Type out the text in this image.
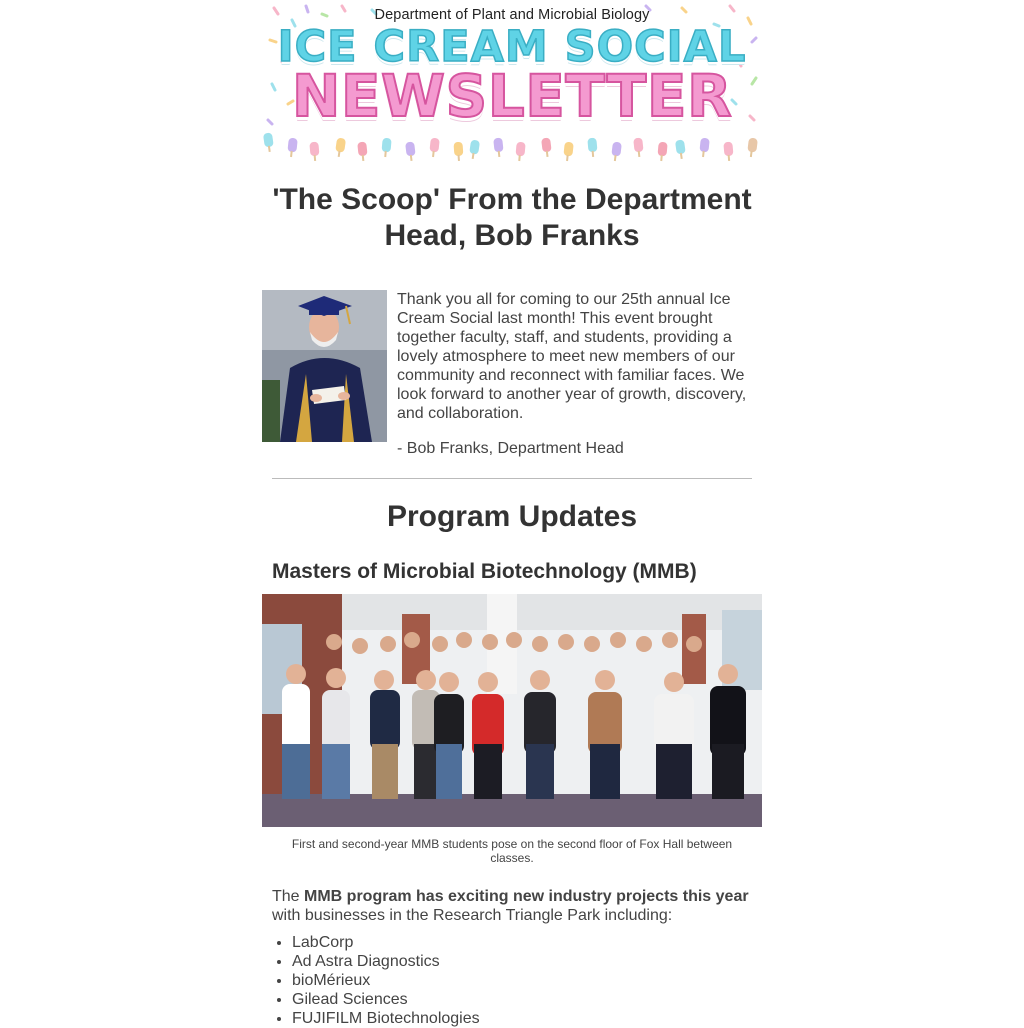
Department of Plant and Microbial Biology
ICE CREAM SOCIAL
NEWSLETTER
'The Scoop' From the Department Head, Bob Franks

Thank you all for coming to our 25th annual Ice Cream Social last month! This event brought together faculty, staff, and students, providing a lovely atmosphere to meet new members of our community and reconnect with familiar faces. We look forward to another year of growth, discovery, and collaboration.

- Bob Franks, Department Head

Program Updates
Masters of Microbial Biotechnology (MMB)

First and second-year MMB students pose on the second floor of Fox Hall between classes.

The MMB program has exciting new industry projects this year with businesses in the Research Triangle Park including:

• LabCorp
• Ad Astra Diagnostics
• bioMérieux
• Gilead Sciences
• FUJIFILM Biotechnologies
